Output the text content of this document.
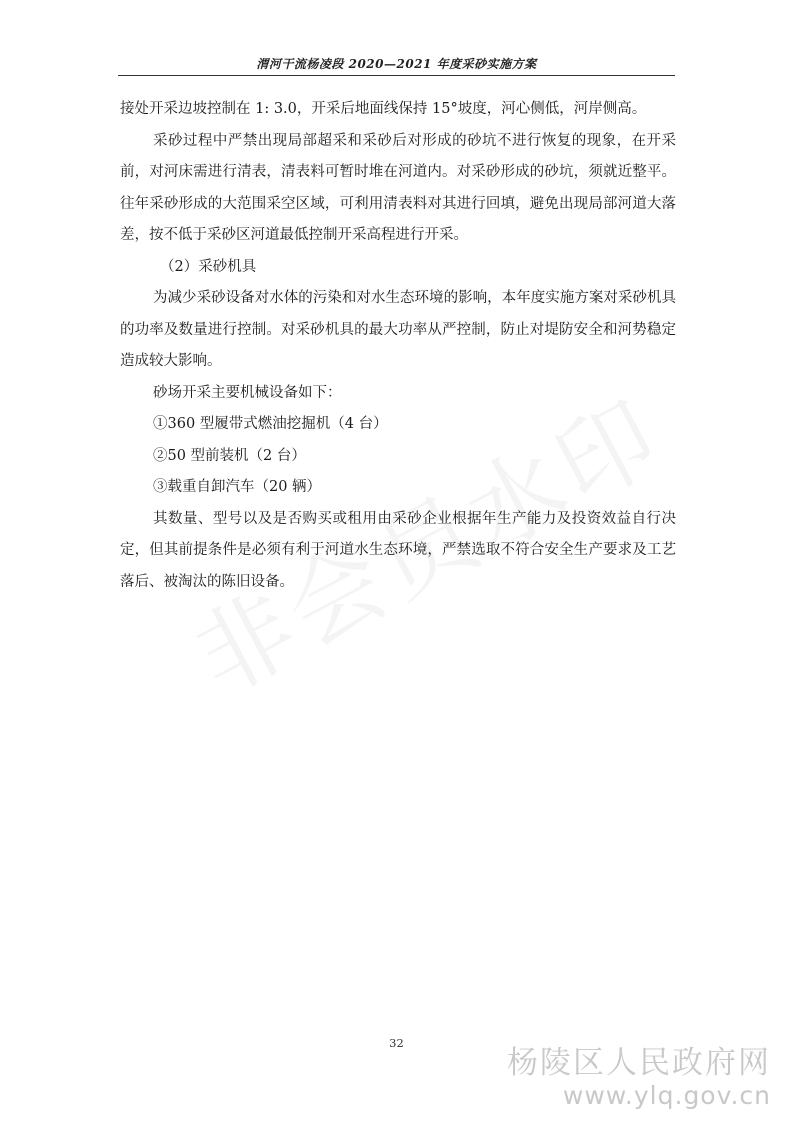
渭河干流杨凌段 2020—2021 年度采砂实施方案

接处开采边坡控制在 1: 3.0，开采后地面线保持 15°坡度，河心侧低，河岸侧高。

采砂过程中严禁出现局部超采和采砂后对形成的砂坑不进行恢复的现象，在开采前，对河床需进行清表，清表料可暂时堆在河道内。对采砂形成的砂坑，须就近整平。往年采砂形成的大范围采空区域，可利用清表料对其进行回填，避免出现局部河道大落差，按不低于采砂区河道最低控制开采高程进行开采。

（2）采砂机具

为减少采砂设备对水体的污染和对水生态环境的影响，本年度实施方案对采砂机具的功率及数量进行控制。对采砂机具的最大功率从严控制，防止对堤防安全和河势稳定造成较大影响。

砂场开采主要机械设备如下：

①360 型履带式燃油挖掘机（4 台）

②50 型前装机（2 台）

③载重自卸汽车（20 辆）

其数量、型号以及是否购买或租用由采砂企业根据年生产能力及投资效益自行决定，但其前提条件是必须有利于河道水生态环境，严禁选取不符合安全生产要求及工艺落后、被淘汰的陈旧设备。

32
杨陵区人民政府网
www.ylq.gov.cn
